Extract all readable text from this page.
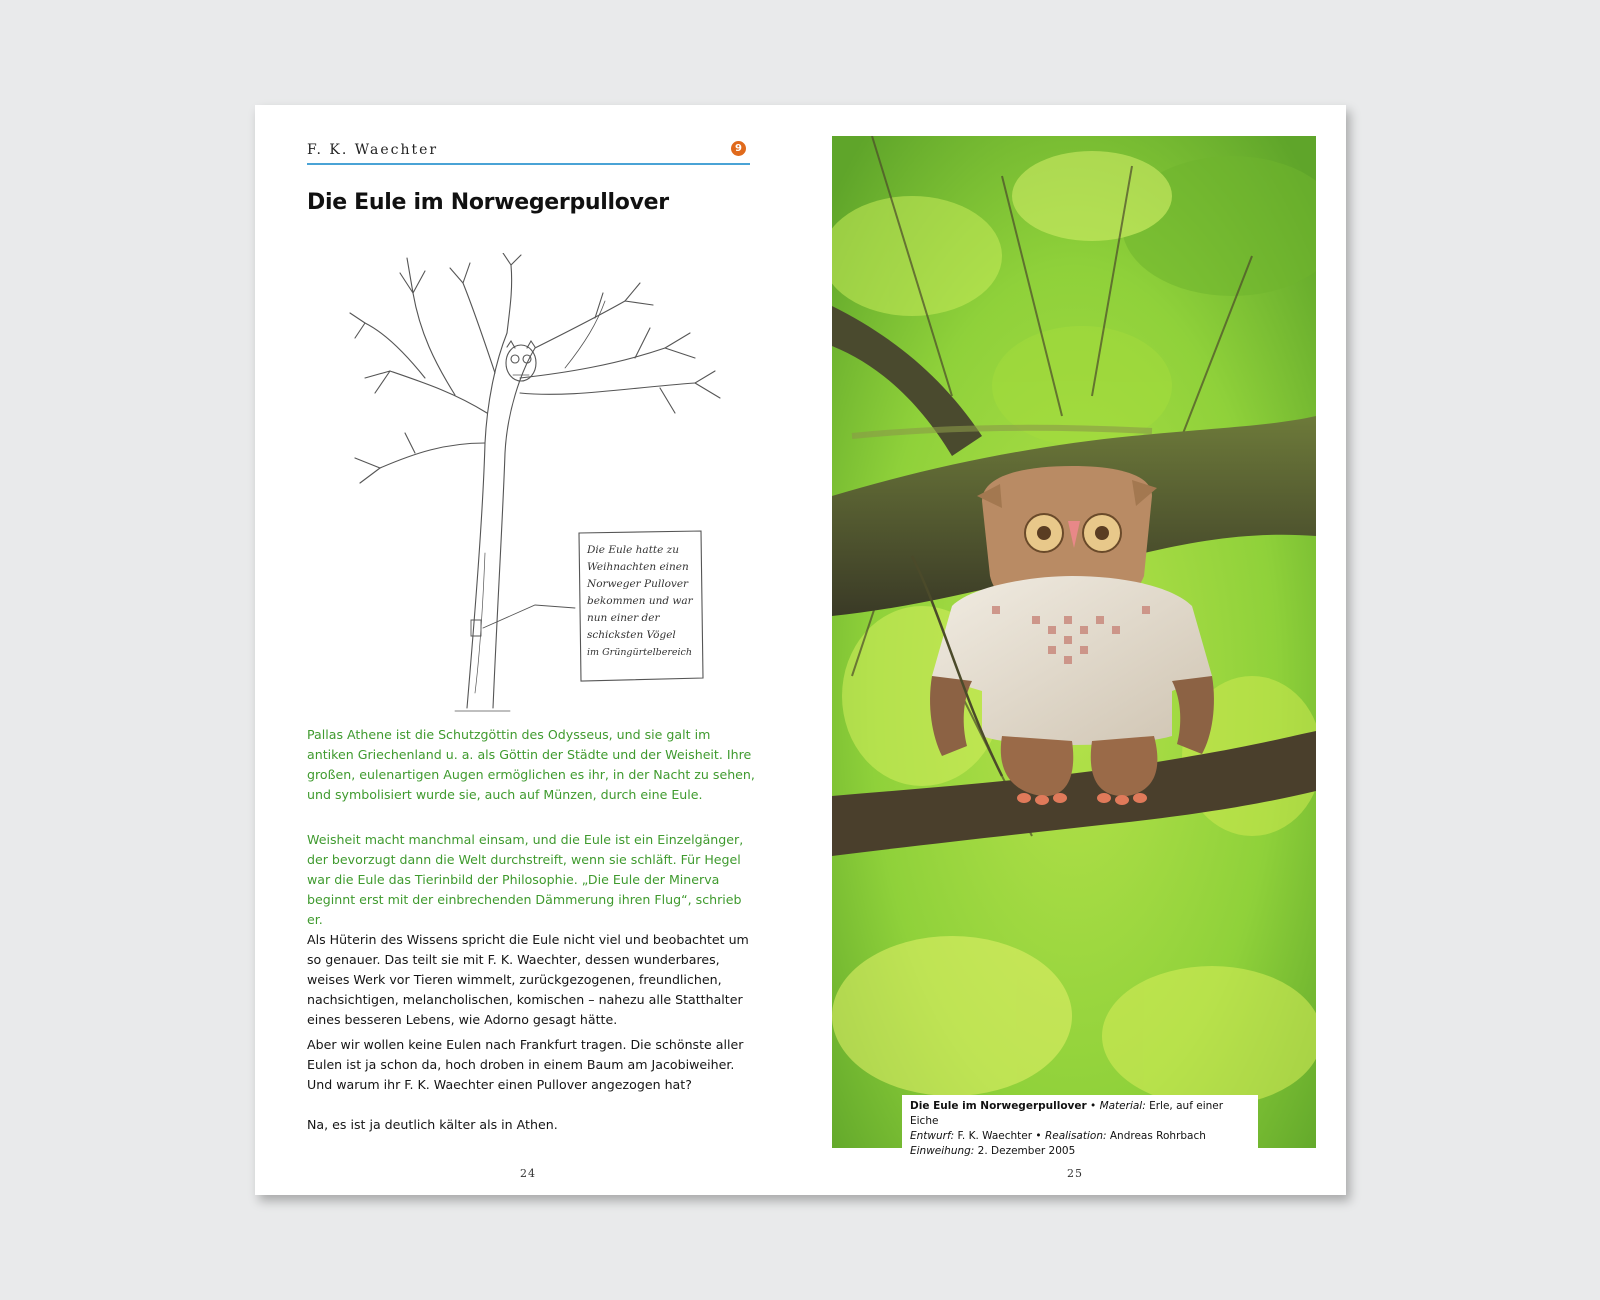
F. K. Waechter	9
Die Eule im Norwegerpullover
Die Eule hatte zu
Weihnachten einen
Norweger Pullover
bekommen und war
nun einer der
schicksten Vögel
im Grüngürtelbereich

Pallas Athene ist die Schutzgöttin des Odysseus, und sie galt im antiken Griechenland u. a. als Göttin der Städte und der Weisheit. Ihre großen, eulenartigen Augen ermöglichen es ihr, in der Nacht zu sehen, und symbolisiert wurde sie, auch auf Münzen, durch eine Eule.

Weisheit macht manchmal einsam, und die Eule ist ein Einzelgänger, der bevorzugt dann die Welt durchstreift, wenn sie schläft. Für Hegel war die Eule das Tierinbild der Philosophie. „Die Eule der Minerva beginnt erst mit der einbrechenden Dämmerung ihren Flug“, schrieb er.

Als Hüterin des Wissens spricht die Eule nicht viel und beobachtet um so genauer. Das teilt sie mit F. K. Waechter, dessen wunderbares, weises Werk vor Tieren wimmelt, zurückgezogenen, freundlichen, nachsichtigen, melancholischen, komischen – nahezu alle Statthalter eines besseren Lebens, wie Adorno gesagt hätte.

Aber wir wollen keine Eulen nach Frankfurt tragen. Die schönste aller Eulen ist ja schon da, hoch droben in einem Baum am Jacobiweiher. Und warum ihr F. K. Waechter einen Pullover angezogen hat?

Na, es ist ja deutlich kälter als in Athen.

24
Die Eule im Norwegerpullover • Material: Erle, auf einer Eiche
Entwurf: F. K. Waechter • Realisation: Andreas Rohrbach
Einweihung: 2. Dezember 2005
25
